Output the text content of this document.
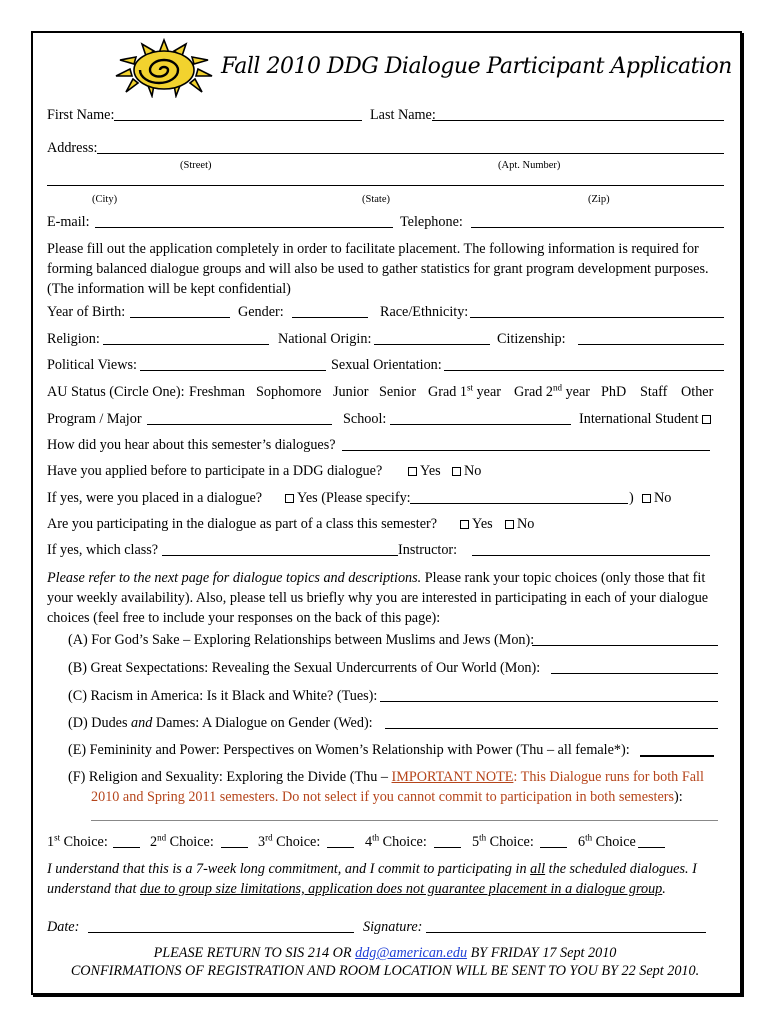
Fall 2010 DDG Dialogue Participant Application
First Name:	Last Name:
Address:
(Street)	(Apt. Number)
(City)	(State)	(Zip)
E-mail:	Telephone:
Please fill out the application completely in order to facilitate placement. The following information is required for forming balanced dialogue groups and will also be used to gather statistics for grant program development purposes. (The information will be kept confidential)
Year of Birth:	Gender:	Race/Ethnicity:
Religion:	National Origin:	Citizenship:
Political Views:	Sexual Orientation:
AU Status (Circle One): Freshman Sophomore Junior Senior Grad 1st year Grad 2nd year PhD Staff Other
Program / Major	School:	International Student
How did you hear about this semester’s dialogues?
Have you applied before to participate in a DDG dialogue?	Yes	No
If yes, were you placed in a dialogue?	Yes (Please specify:	)	No
Are you participating in the dialogue as part of a class this semester?	Yes	No
If yes, which class?	Instructor:
Please refer to the next page for dialogue topics and descriptions. Please rank your topic choices (only those that fit your weekly availability). Also, please tell us briefly why you are interested in participating in each of your dialogue choices (feel free to include your responses on the back of this page):
(A) For God’s Sake – Exploring Relationships between Muslims and Jews (Mon):
(B) Great Sexpectations: Revealing the Sexual Undercurrents of Our World (Mon):
(C) Racism in America: Is it Black and White? (Tues):
(D) Dudes and Dames: A Dialogue on Gender (Wed):
(E) Femininity and Power: Perspectives on Women’s Relationship with Power (Thu – all female*):
(F) Religion and Sexuality: Exploring the Divide (Thu – IMPORTANT NOTE: This Dialogue runs for both Fall
2010 and Spring 2011 semesters. Do not select if you cannot commit to participation in both semesters):
1st Choice:	2nd Choice:	3rd Choice:	4th Choice:	5th Choice:	6th Choice
I understand that this is a 7-week long commitment, and I commit to participating in all the scheduled dialogues. I understand that due to group size limitations, application does not guarantee placement in a dialogue group.
Date:	Signature:
PLEASE RETURN TO SIS 214 OR ddg@american.edu BY FRIDAY 17 Sept 2010
CONFIRMATIONS OF REGISTRATION AND ROOM LOCATION WILL BE SENT TO YOU BY 22 Sept 2010.
